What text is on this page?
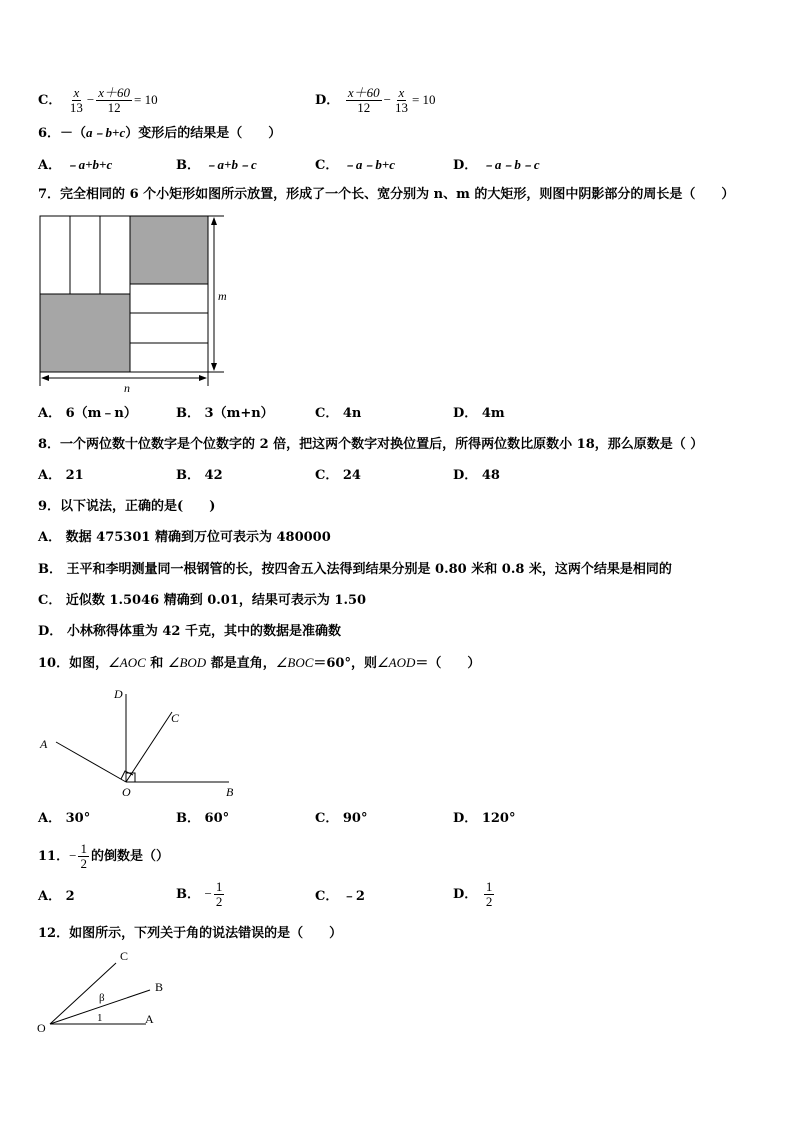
C． $\frac{x}{13} - \frac{x+60}{12} = 10$	D． $\frac{x+60}{12} - \frac{x}{13} = 10$
6．－（a﹣b+c）变形后的结果是（　　）
A． ﹣a+b+c	B． ﹣a+b﹣c	C． ﹣a﹣b+c	D． ﹣a﹣b﹣c
7．完全相同的 6 个小矩形如图所示放置，形成了一个长、宽分别为 n、m 的大矩形，则图中阴影部分的周长是（　　）
m
n
A． 6（m﹣n）	B． 3（m+n）	C． 4n	D． 4m
8．一个两位数十位数字是个位数字的 2 倍，把这两个数字对换位置后，所得两位数比原数小 18，那么原数是（ ）
A． 21	B． 42	C． 24	D． 48
9．以下说法，正确的是(　　)
A． 数据 475301 精确到万位可表示为 480000
B． 王平和李明测量同一根钢管的长，按四舍五入法得到结果分别是 0.80 米和 0.8 米，这两个结果是相同的
C． 近似数 1.5046 精确到 0.01，结果可表示为 1.50
D． 小林称得体重为 42 千克，其中的数据是准确数
10．如图，∠AOC 和 ∠BOD 都是直角，∠BOC＝60°，则∠AOD＝（　　）
D
C
A
O	B
A． 30°	B． 60°	C． 90°	D． 120°
11．− $\frac{1}{2}$ 的倒数是（）
A． 2	B． − $\frac{1}{2}$	C． ﹣2	D． $\frac{1}{2}$
12．如图所示，下列关于角的说法错误的是（　　）
C
B
A
O
β
1
